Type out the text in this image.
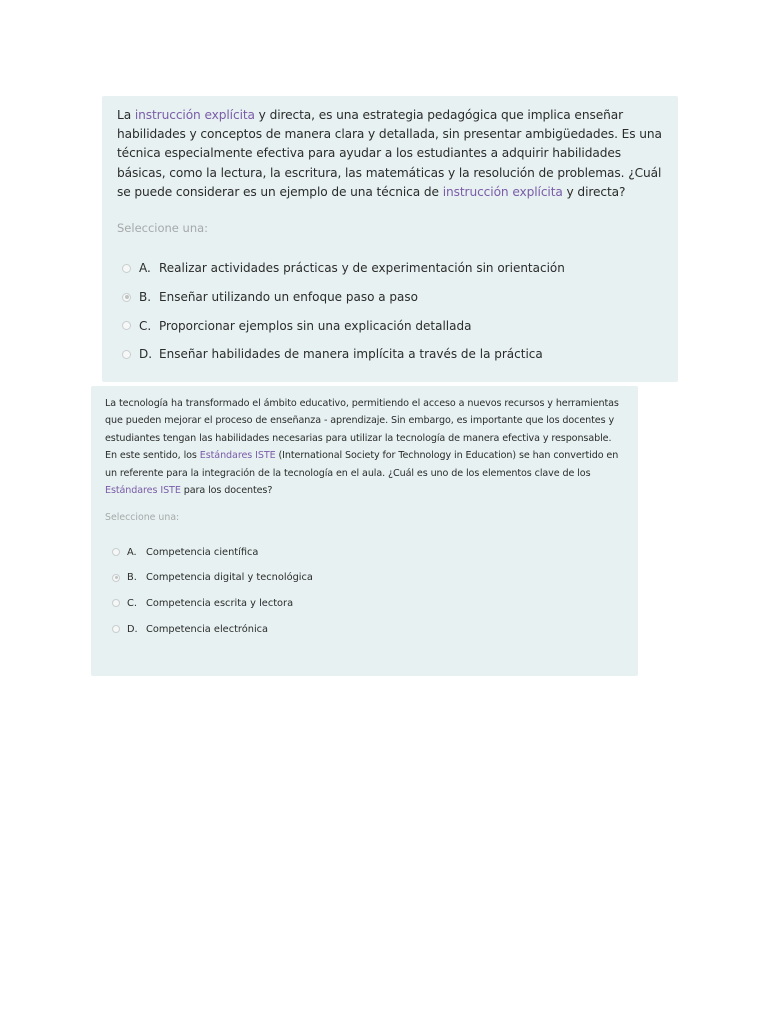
La instrucción explícita y directa, es una estrategia pedagógica que implica enseñar habilidades y conceptos de manera clara y detallada, sin presentar ambigüedades. Es una técnica especialmente efectiva para ayudar a los estudiantes a adquirir habilidades básicas, como la lectura, la escritura, las matemáticas y la resolución de problemas. ¿Cuál se puede considerar es un ejemplo de una técnica de instrucción explícita y directa?

Seleccione una:
A. Realizar actividades prácticas y de experimentación sin orientación
B. Enseñar utilizando un enfoque paso a paso
C. Proporcionar ejemplos sin una explicación detallada
D. Enseñar habilidades de manera implícita a través de la práctica

La tecnología ha transformado el ámbito educativo, permitiendo el acceso a nuevos recursos y herramientas que pueden mejorar el proceso de enseñanza - aprendizaje. Sin embargo, es importante que los docentes y estudiantes tengan las habilidades necesarias para utilizar la tecnología de manera efectiva y responsable. En este sentido, los Estándares ISTE (International Society for Technology in Education) se han convertido en un referente para la integración de la tecnología en el aula. ¿Cuál es uno de los elementos clave de los Estándares ISTE para los docentes?

Seleccione una:
A. Competencia científica
B. Competencia digital y tecnológica
C. Competencia escrita y lectora
D. Competencia electrónica
